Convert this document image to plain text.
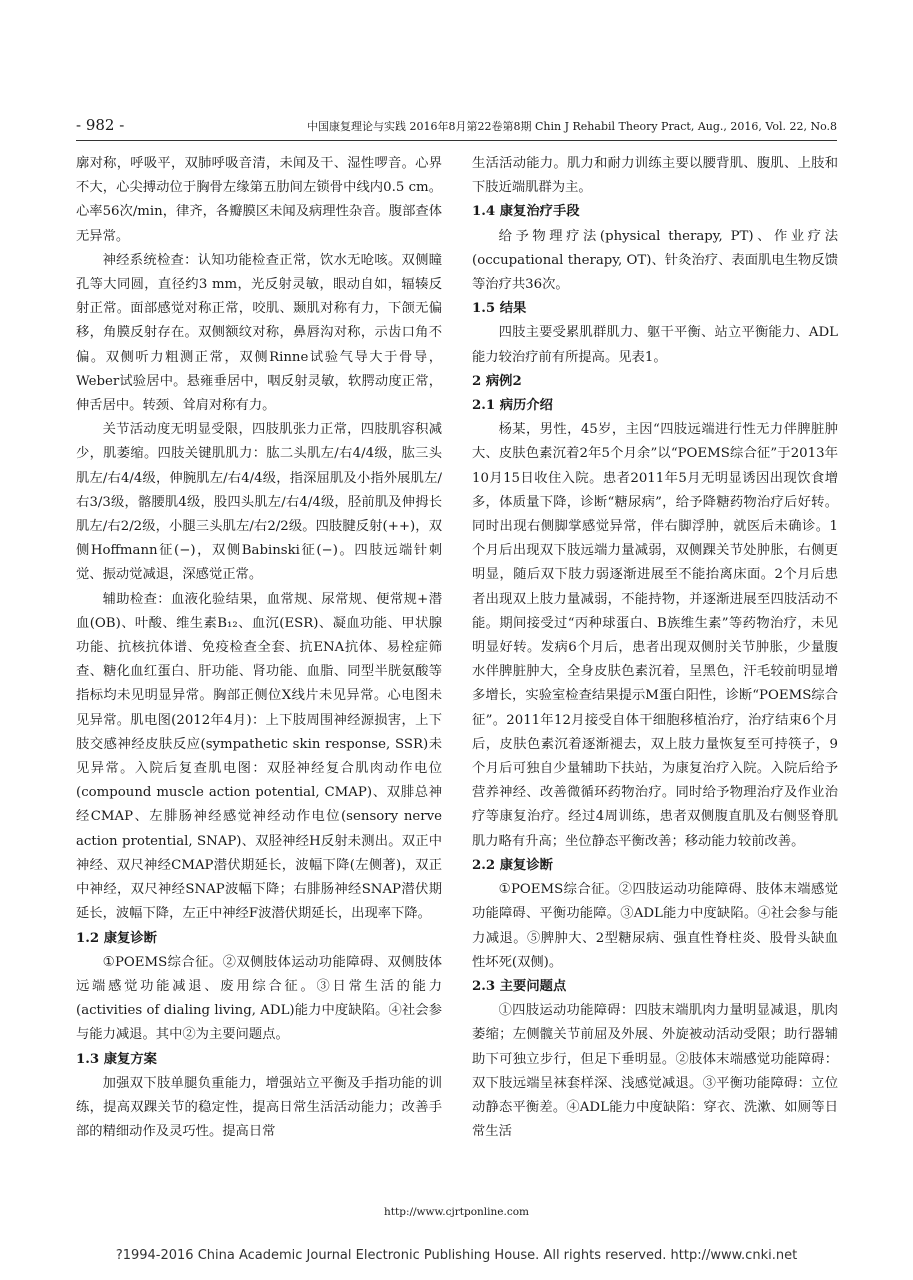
- 982 -	中国康复理论与实践 2016年8月第22卷第8期 Chin J Rehabil Theory Pract, Aug., 2016, Vol. 22, No.8

廓对称，呼吸平，双肺呼吸音清，未闻及干、湿性啰音。心界不大，心尖搏动位于胸骨左缘第五肋间左锁骨中线内0.5 cm。心率56次/min，律齐，各瓣膜区未闻及病理性杂音。腹部查体无异常。

神经系统检查：认知功能检查正常，饮水无呛咳。双侧瞳孔等大同圆，直径约3 mm，光反射灵敏，眼动自如，辐辏反射正常。面部感觉对称正常，咬肌、颞肌对称有力，下颌无偏移，角膜反射存在。双侧额纹对称，鼻唇沟对称，示齿口角不偏。双侧听力粗测正常，双侧Rinne试验气导大于骨导，Weber试验居中。悬雍垂居中，咽反射灵敏，软腭动度正常，伸舌居中。转颈、耸肩对称有力。

关节活动度无明显受限，四肢肌张力正常，四肢肌容积减少，肌萎缩。四肢关键肌肌力：肱二头肌左/右4/4级，肱三头肌左/右4/4级，伸腕肌左/右4/4级，指深屈肌及小指外展肌左/右3/3级，髂腰肌4级，股四头肌左/右4/4级，胫前肌及伸拇长肌左/右2/2级，小腿三头肌左/右2/2级。四肢腱反射(++)，双侧Hoffmann征(−)，双侧Babinski征(−)。四肢远端针刺觉、振动觉减退，深感觉正常。

辅助检查：血液化验结果，血常规、尿常规、便常规+潜血(OB)、叶酸、维生素B₁₂、血沉(ESR)、凝血功能、甲状腺功能、抗核抗体谱、免疫检查全套、抗ENA抗体、易栓症筛查、糖化血红蛋白、肝功能、肾功能、血脂、同型半胱氨酸等指标均未见明显异常。胸部正侧位X线片未见异常。心电图未见异常。肌电图(2012年4月)：上下肢周围神经源损害，上下肢交感神经皮肤反应(sympathetic skin response, SSR)未见异常。入院后复查肌电图：双胫神经复合肌肉动作电位(compound muscle action potential, CMAP)、双腓总神经CMAP、左腓肠神经感觉神经动作电位(sensory nerve action protential, SNAP)、双胫神经H反射未测出。双正中神经、双尺神经CMAP潜伏期延长，波幅下降(左侧著)，双正中神经，双尺神经SNAP波幅下降；右腓肠神经SNAP潜伏期延长，波幅下降，左正中神经F波潜伏期延长，出现率下降。

1.2 康复诊断

①POEMS综合征。②双侧肢体运动功能障碍、双侧肢体远端感觉功能减退、废用综合征。③日常生活的能力(activities of dialing living, ADL)能力中度缺陷。④社会参与能力减退。其中②为主要问题点。

1.3 康复方案

加强双下肢单腿负重能力，增强站立平衡及手指功能的训练，提高双踝关节的稳定性，提高日常生活活动能力；改善手部的精细动作及灵巧性。提高日常

生活活动能力。肌力和耐力训练主要以腰背肌、腹肌、上肢和下肢近端肌群为主。

1.4 康复治疗手段

给予物理疗法(physical therapy, PT)、作业疗法(occupational therapy, OT)、针灸治疗、表面肌电生物反馈等治疗共36次。

1.5 结果

四肢主要受累肌群肌力、躯干平衡、站立平衡能力、ADL能力较治疗前有所提高。见表1。

2 病例2
2.1 病历介绍

杨某，男性，45岁，主因“四肢远端进行性无力伴脾脏肿大、皮肤色素沉着2年5个月余”以“POEMS综合征”于2013年10月15日收住入院。患者2011年5月无明显诱因出现饮食增多，体质量下降，诊断“糖尿病”，给予降糖药物治疗后好转。同时出现右侧脚掌感觉异常，伴右脚浮肿，就医后未确诊。1个月后出现双下肢远端力量减弱，双侧踝关节处肿胀，右侧更明显，随后双下肢力弱逐渐进展至不能抬离床面。2个月后患者出现双上肢力量减弱，不能持物，并逐渐进展至四肢活动不能。期间接受过“丙种球蛋白、B族维生素”等药物治疗，未见明显好转。发病6个月后，患者出现双侧肘关节肿胀，少量腹水伴脾脏肿大，全身皮肤色素沉着，呈黑色，汗毛较前明显增多增长，实验室检查结果提示M蛋白阳性，诊断“POEMS综合征”。2011年12月接受自体干细胞移植治疗，治疗结束6个月后，皮肤色素沉着逐渐褪去，双上肢力量恢复至可持筷子，9个月后可独自少量辅助下扶站，为康复治疗入院。入院后给予营养神经、改善微循环药物治疗。同时给予物理治疗及作业治疗等康复治疗。经过4周训练，患者双侧腹直肌及右侧竖脊肌肌力略有升高；坐位静态平衡改善；移动能力较前改善。

2.2 康复诊断

①POEMS综合征。②四肢运动功能障碍、肢体末端感觉功能障碍、平衡功能障。③ADL能力中度缺陷。④社会参与能力减退。⑤脾肿大、2型糖尿病、强直性脊柱炎、股骨头缺血性坏死(双侧)。

2.3 主要问题点

①四肢运动功能障碍：四肢末端肌肉力量明显减退，肌肉萎缩；左侧髋关节前屈及外展、外旋被动活动受限；助行器辅助下可独立步行，但足下垂明显。②肢体末端感觉功能障碍：双下肢远端呈袜套样深、浅感觉减退。③平衡功能障碍：立位动静态平衡差。④ADL能力中度缺陷：穿衣、洗漱、如厕等日常生活

http://www.cjrtponline.com
?1994-2016 China Academic Journal Electronic Publishing House. All rights reserved. http://www.cnki.net
